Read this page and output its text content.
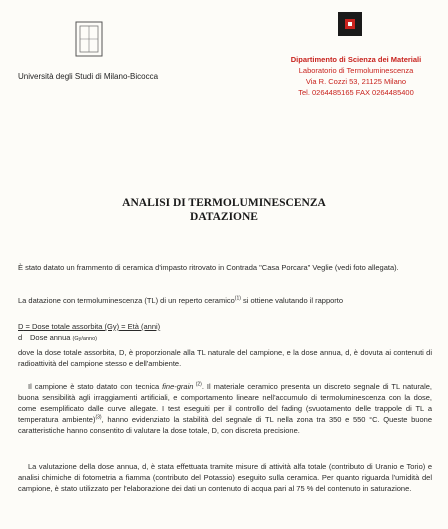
Università degli Studi di Milano-Bicocca
Dipartimento di Scienza dei Materiali
Laboratorio di Termoluminescenza
Via R. Cozzi 53, 21125 Milano
Tel. 0264485165 FAX 0264485400
ANALISI DI TERMOLUMINESCENZA
DATAZIONE
È stato datato un frammento di ceramica d'impasto ritrovato in Contrada "Casa Porcara" Veglie (vedi foto allegata).
La datazione con termoluminescenza (TL) di un reperto ceramico$^{(1)}$ si ottiene valutando il rapporto
D = Dose totale assorbita (Gy) = Età (anni)
d Dose annua (Gy/anno)
dove la dose totale assorbita, D, è proporzionale alla TL naturale del campione, e la dose annua, d, è dovuta ai contenuti di radioattività del campione stesso e dell'ambiente.
Il campione è stato datato con tecnica fine-grain $^{(2)}$. Il materiale ceramico presenta un discreto segnale di TL naturale, buona sensibilità agli irraggiamenti artificiali, e comportamento lineare nell'accumulo di termoluminescenza con la dose, come esemplificato dalle curve allegate. I test eseguiti per il controllo del fading (svuotamento delle trappole di TL a temperatura ambiente)$^{(3)}$, hanno evidenziato la stabilità del segnale di TL nella zona tra 350 e 550 °C. Queste buone caratteristiche hanno consentito di valutare la dose totale, D, con discreta precisione.
La valutazione della dose annua, d, è stata effettuata tramite misure di attività alfa totale (contributo di Uranio e Torio) e analisi chimiche di fotometria a fiamma (contributo del Potassio) eseguito sulla ceramica. Per quanto riguarda l'umidità del campione, è stato utilizzato per l'elaborazione dei dati un contenuto di acqua pari al 75 % del contenuto in saturazione.
